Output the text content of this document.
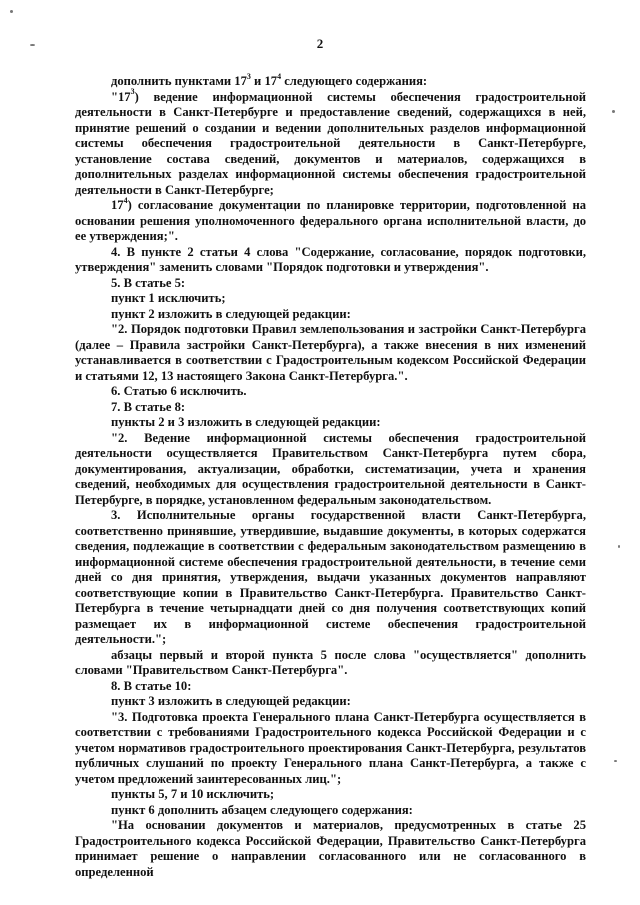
2

дополнить пунктами $17^3$ и $17^4$ следующего содержания:

"$17^3$) ведение информационной системы обеспечения градостроительной деятельности в Санкт-Петербурге и предоставление сведений, содержащихся в ней, принятие решений о создании и ведении дополнительных разделов информационной системы обеспечения градостроительной деятельности в Санкт-Петербурге, установление состава сведений, документов и материалов, содержащихся в дополнительных разделах информационной системы обеспечения градостроительной деятельности в Санкт-Петербурге;

$17^4$) согласование документации по планировке территории, подготовленной на основании решения уполномоченного федерального органа исполнительной власти, до ее утверждения;".

4. В пункте 2 статьи 4 слова "Содержание, согласование, порядок подготовки, утверждения" заменить словами "Порядок подготовки и утверждения".

5. В статье 5:

пункт 1 исключить;

пункт 2 изложить в следующей редакции:

"2. Порядок подготовки Правил землепользования и застройки Санкт-Петербурга (далее – Правила застройки Санкт-Петербурга), а также внесения в них изменений устанавливается в соответствии с Градостроительным кодексом Российской Федерации и статьями 12, 13 настоящего Закона Санкт-Петербурга.".

6. Статью 6 исключить.

7. В статье 8:

пункты 2 и 3 изложить в следующей редакции:

"2. Ведение информационной системы обеспечения градостроительной деятельности осуществляется Правительством Санкт-Петербурга путем сбора, документирования, актуализации, обработки, систематизации, учета и хранения сведений, необходимых для осуществления градостроительной деятельности в Санкт-Петербурге, в порядке, установленном федеральным законодательством.

3. Исполнительные органы государственной власти Санкт-Петербурга, соответственно принявшие, утвердившие, выдавшие документы, в которых содержатся сведения, подлежащие в соответствии с федеральным законодательством размещению в информационной системе обеспечения градостроительной деятельности, в течение семи дней со дня принятия, утверждения, выдачи указанных документов направляют соответствующие копии в Правительство Санкт-Петербурга. Правительство Санкт-Петербурга в течение четырнадцати дней со дня получения соответствующих копий размещает их в информационной системе обеспечения градостроительной деятельности.";

абзацы первый и второй пункта 5 после слова "осуществляется" дополнить словами "Правительством Санкт-Петербурга".

8. В статье 10:

пункт 3 изложить в следующей редакции:

"3. Подготовка проекта Генерального плана Санкт-Петербурга осуществляется в соответствии с требованиями Градостроительного кодекса Российской Федерации и с учетом нормативов градостроительного проектирования Санкт-Петербурга, результатов публичных слушаний по проекту Генерального плана Санкт-Петербурга, а также с учетом предложений заинтересованных лиц.";

пункты 5, 7 и 10 исключить;

пункт 6 дополнить абзацем следующего содержания:

"На основании документов и материалов, предусмотренных в статье 25 Градостроительного кодекса Российской Федерации, Правительство Санкт-Петербурга принимает решение о направлении согласованного или не согласованного в определенной
